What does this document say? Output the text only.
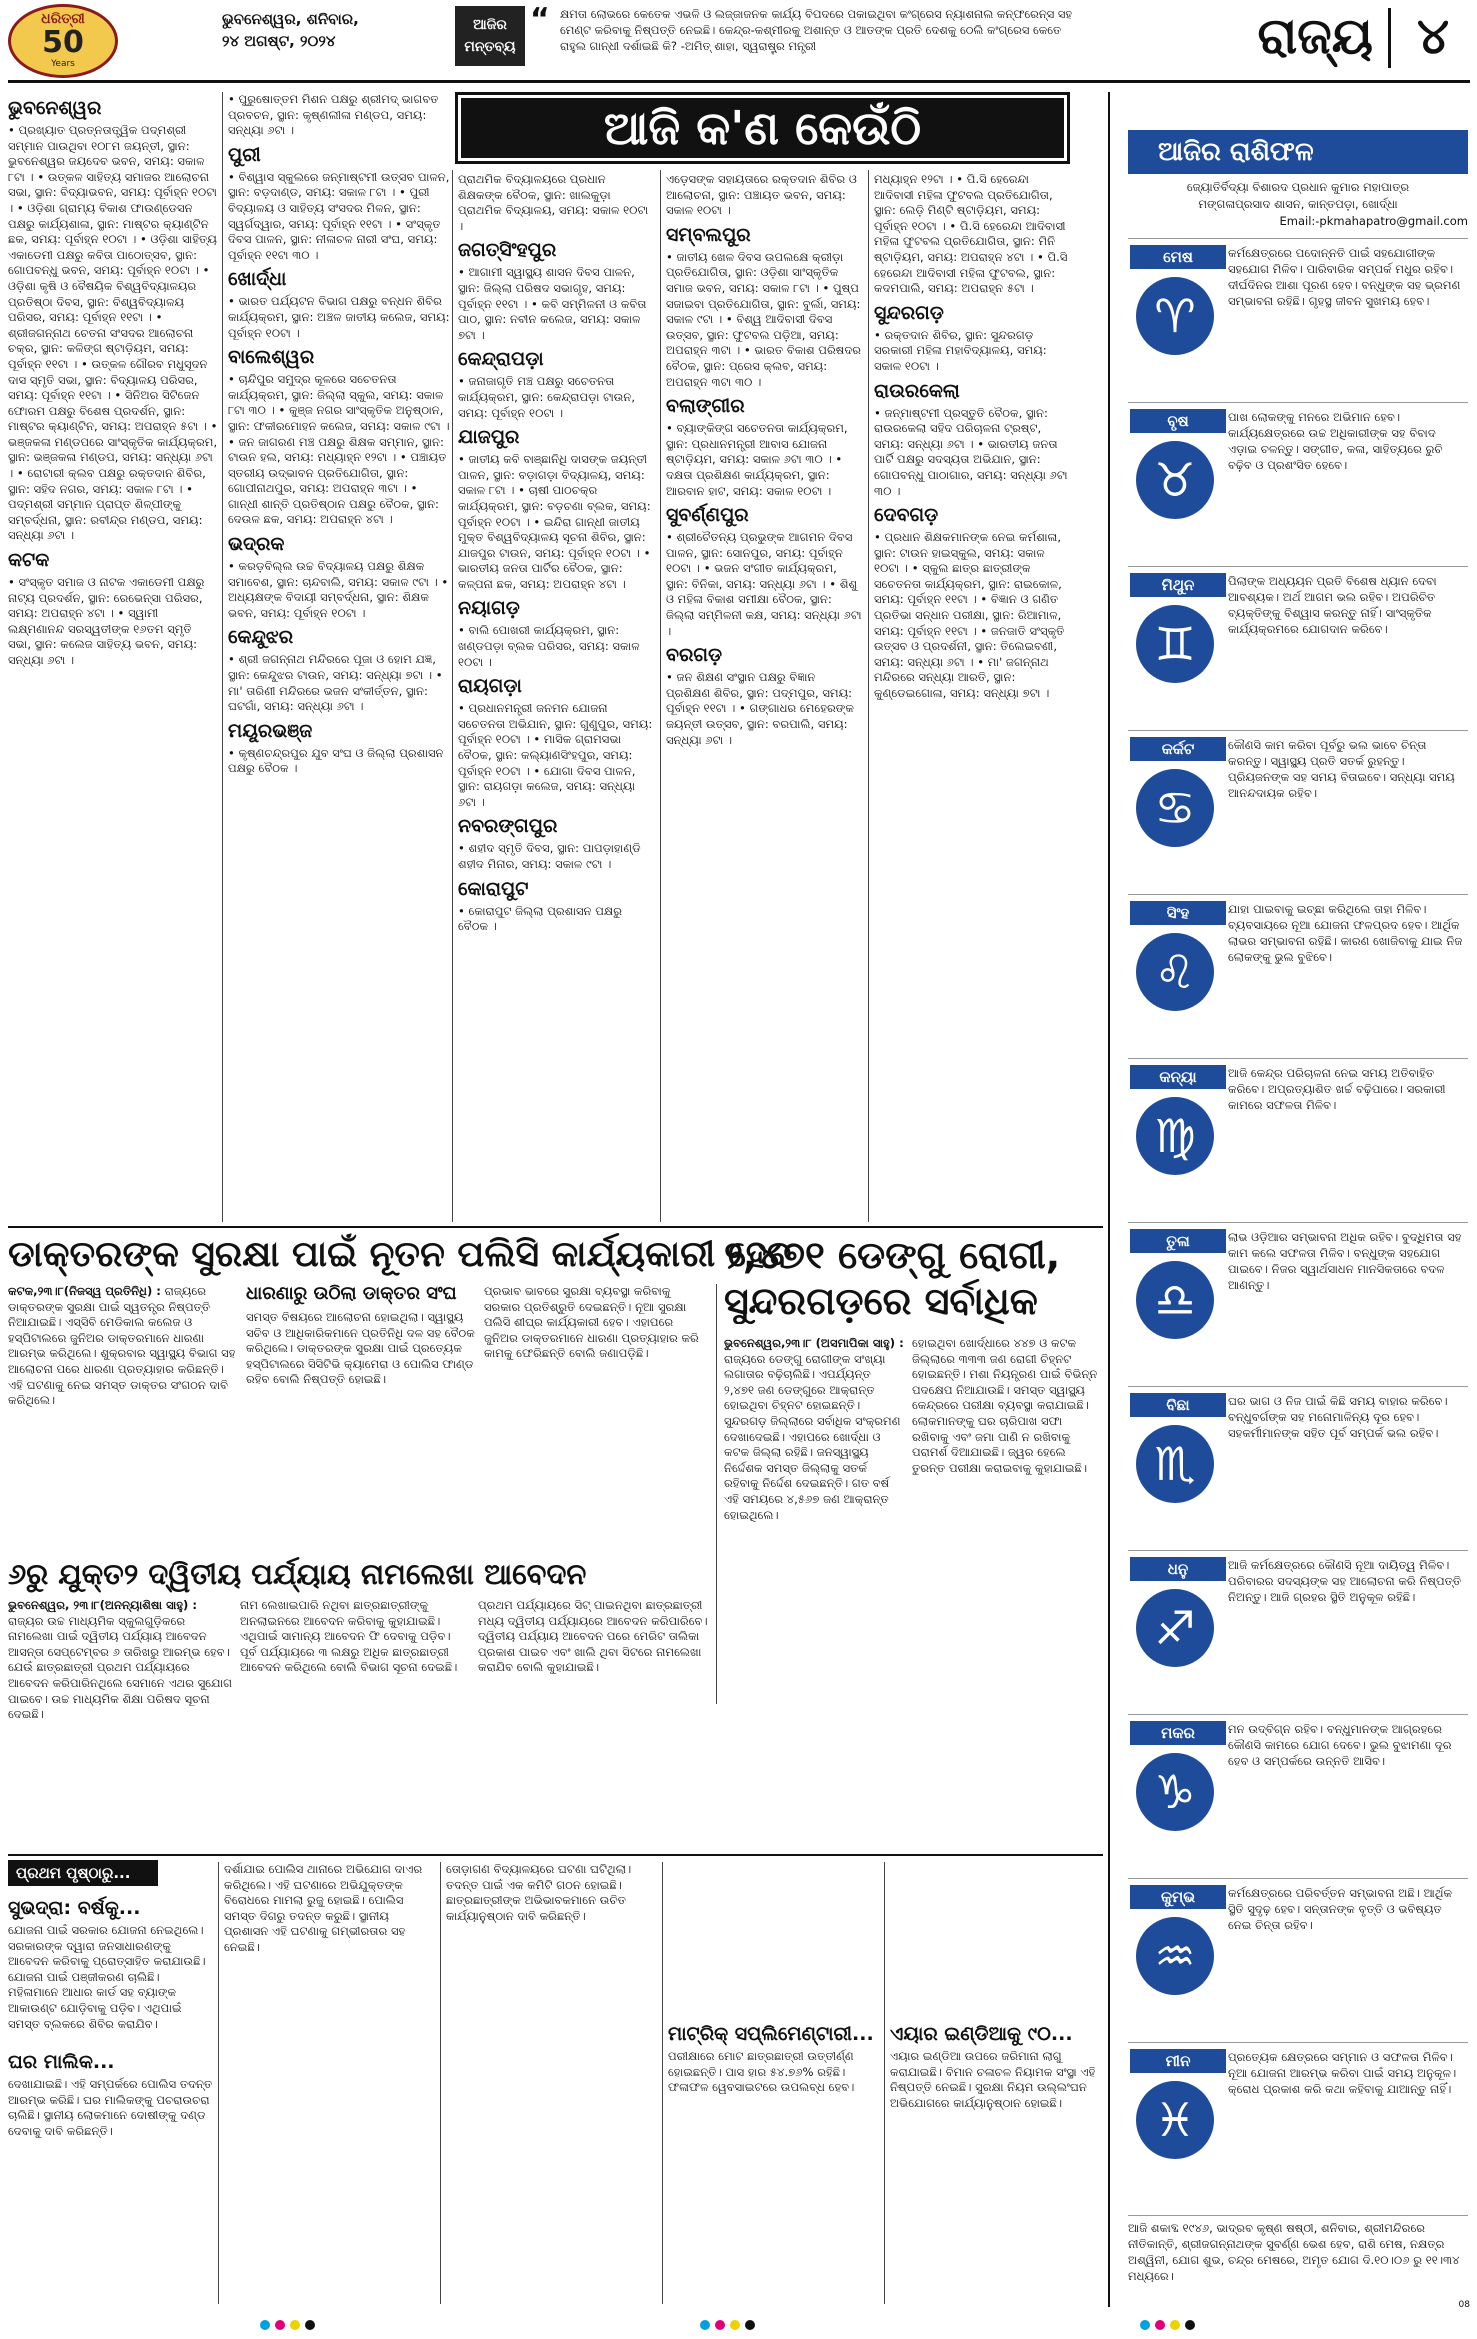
ଧରିତ୍ରୀ
50
Years
ଭୁବନେଶ୍ୱର, ଶନିବାର,
୨୪ ଅଗଷ୍ଟ, ୨୦୨୪
ଆଜିର ମନ୍ତବ୍ୟ
“ କ୍ଷମତା ଲୋଭରେ କେତେକ ଏଭଳି ଓ ଲଜ୍ଜାଜନକ କାର୍ଯ୍ୟ ବିପଦରେ ପକାଇଥିବା କଂଗ୍ରେସ ନ୍ୟାଶନାଲ କନ୍ଫରେନ୍ସ ସହ ମେଣ୍ଟ କରିବାକୁ ନିଷ୍ପତ୍ତି ନେଇଛି। କେନ୍ଦ୍ର-କଶ୍ମୀରକୁ ଅଶାନ୍ତ ଓ ଆତଙ୍କ ପ୍ରତି ଦେଶକୁ ଠେଲି କଂଗ୍ରେସ କେତେ ରାହୁଲ ଗାନ୍ଧୀ ଦର୍ଶାଇଛି କି? -ଅମିତ୍ ଶାହା, ସ୍ୱରାଷ୍ଟ୍ର ମନ୍ତ୍ରୀ	ରାଜ୍ୟ ୪
ଆଜି କ'ଣ କେଉଁଠି
ଭୁବନେଶ୍ୱର

• ପ୍ରଖ୍ୟାତ ପ୍ରତ୍ନତାତ୍ତ୍ୱିକ ପଦ୍ମଶ୍ରୀ ସମ୍ମାନ ପାଉଥିବା ୧୦୮ମ ଜୟନ୍ତୀ, ସ୍ଥାନ: ଭୁବନେଶ୍ୱର ଜୟଦେବ ଭବନ, ସମୟ: ସକାଳ ୮ଟା । • ଉତ୍କଳ ସାହିତ୍ୟ ସମାଜର ଆଲୋଚନା ସଭା, ସ୍ଥାନ: ବିଦ୍ୟାଭବନ, ସମୟ: ପୂର୍ବାହ୍ନ ୧୦ଟା । • ଓଡ଼ିଶା ଗ୍ରାମ୍ୟ ବିକାଶ ଫାଉଣ୍ଡେସନ ପକ୍ଷରୁ କାର୍ଯ୍ୟଶାଳା, ସ୍ଥାନ: ମାଷ୍ଟର କ୍ୟାଣ୍ଟିନ ଛକ, ସମୟ: ପୂର୍ବାହ୍ନ ୧୦ଟା । • ଓଡ଼ିଶା ସାହିତ୍ୟ ଏକାଡେମୀ ପକ୍ଷରୁ କବିତା ପାଠୋତ୍ସବ, ସ୍ଥାନ: ଗୋପବନ୍ଧୁ ଭବନ, ସମୟ: ପୂର୍ବାହ୍ନ ୧୦ଟା । • ଓଡ଼ିଶା କୃଷି ଓ ବୈଷୟିକ ବିଶ୍ୱବିଦ୍ୟାଳୟର ପ୍ରତିଷ୍ଠା ଦିବସ, ସ୍ଥାନ: ବିଶ୍ୱବିଦ୍ୟାଳୟ ପରିସର, ସମୟ: ପୂର୍ବାହ୍ନ ୧୧ଟା । • ଶ୍ରୀଜଗନ୍ନାଥ ଚେତନା ସଂସଦର ଆଲୋଚନା ଚକ୍ର, ସ୍ଥାନ: କଳିଙ୍ଗ ଷ୍ଟାଡ଼ିୟମ, ସମୟ: ପୂର୍ବାହ୍ନ ୧୧ଟା । • ଉତ୍କଳ ଗୌରବ ମଧୁସୂଦନ ଦାସ ସ୍ମୃତି ସଭା, ସ୍ଥାନ: ବିଦ୍ୟାଳୟ ପରିସର, ସମୟ: ପୂର୍ବାହ୍ନ ୧୧ଟା । • ସିନିଅର ସିଟିଜେନ ଫୋରମ ପକ୍ଷରୁ ବିଶେଷ ପ୍ରଦର୍ଶନ, ସ୍ଥାନ: ମାଷ୍ଟର କ୍ୟାଣ୍ଟିନ, ସମୟ: ଅପରାହ୍ନ ୫ଟା । • ଭଞ୍ଜକଳା ମଣ୍ଡପରେ ସାଂସ୍କୃତିକ କାର୍ଯ୍ୟକ୍ରମ, ସ୍ଥାନ: ଭଞ୍ଜକଳା ମଣ୍ଡପ, ସମୟ: ସନ୍ଧ୍ୟା ୬ଟା । • ରୋଟାରୀ କ୍ଲବ ପକ୍ଷରୁ ରକ୍ତଦାନ ଶିବିର, ସ୍ଥାନ: ସହିଦ ନଗର, ସମୟ: ସକାଳ ୮ଟା । • ପଦ୍ମଶ୍ରୀ ସମ୍ମାନ ପ୍ରାପ୍ତ ଶିଳ୍ପୀଙ୍କୁ ସମ୍ବର୍ଦ୍ଧନା, ସ୍ଥାନ: ରବୀନ୍ଦ୍ର ମଣ୍ଡପ, ସମୟ: ସନ୍ଧ୍ୟା ୬ଟା ।

କଟକ

• ସଂସ୍କୃତ ସମାଜ ଓ ନାଟକ ଏକାଡେମୀ ପକ୍ଷରୁ ନାଟ୍ୟ ପ୍ରଦର୍ଶନ, ସ୍ଥାନ: ରେଭେନ୍ସା ପରିସର, ସମୟ: ଅପରାହ୍ନ ୪ଟା । • ସ୍ୱାମୀ ଲକ୍ଷ୍ମଣାନନ୍ଦ ସରସ୍ୱତୀଙ୍କ ୧୬ତମ ସ୍ମୃତି ସଭା, ସ୍ଥାନ: କଲେଜ ସାହିତ୍ୟ ଭବନ, ସମୟ: ସନ୍ଧ୍ୟା ୬ଟା ।

• ପୁରୁଷୋତ୍ତମ ମିଶନ ପକ୍ଷରୁ ଶ୍ରୀମଦ୍ ଭାଗବତ ପ୍ରବଚନ, ସ୍ଥାନ: କୃଷ୍ଣଲୀଳା ମଣ୍ଡପ, ସମୟ: ସନ୍ଧ୍ୟା ୬ଟା ।

ପୁରୀ

• ବିଶ୍ୱାସ ସ୍କୁଲରେ ଜନ୍ମାଷ୍ଟମୀ ଉତ୍ସବ ପାଳନ, ସ୍ଥାନ: ବଡ଼ଦାଣ୍ଡ, ସମୟ: ସକାଳ ୮ଟା । • ପୁରୀ ବିଦ୍ୟାଳୟ ଓ ସାହିତ୍ୟ ସଂସଦର ମିଳନ, ସ୍ଥାନ: ସ୍ୱର୍ଗଦ୍ୱାର, ସମୟ: ପୂର୍ବାହ୍ନ ୧୧ଟା । • ସଂସ୍କୃତ ଦିବସ ପାଳନ, ସ୍ଥାନ: ନୀଳାଚଳ ନାରୀ ସଂଘ, ସମୟ: ପୂର୍ବାହ୍ନ ୧୧ଟା ୩୦ ।

ଖୋର୍ଦ୍ଧା

• ଭାରତ ପର୍ଯ୍ୟଟନ ବିଭାଗ ପକ୍ଷରୁ ବନ୍ଧନ ଶିବିର କାର୍ଯ୍ୟକ୍ରମ, ସ୍ଥାନ: ଅଞ୍ଚଳ ଜାତୀୟ କଲେଜ, ସମୟ: ପୂର୍ବାହ୍ନ ୧୦ଟା ।

ବାଲେଶ୍ୱର

• ଚାନ୍ଦିପୁର ସମୁଦ୍ର କୂଳରେ ସଚେତନତା କାର୍ଯ୍ୟକ୍ରମ, ସ୍ଥାନ: ଜିଲ୍ଲା ସ୍କୁଲ, ସମୟ: ସକାଳ ୮ଟା ୩୦ । • କୁଞ୍ଜ ନଗର ସାଂସ୍କୃତିକ ଅନୁଷ୍ଠାନ, ସ୍ଥାନ: ଫକୀରମୋହନ କଲେଜ, ସମୟ: ସକାଳ ୯ଟା । • ଜନ ଜାଗରଣ ମଞ୍ଚ ପକ୍ଷରୁ ଶିକ୍ଷକ ସମ୍ମାନ, ସ୍ଥାନ: ଟାଉନ ହଲ, ସମୟ: ମଧ୍ୟାହ୍ନ ୧୨ଟା । • ପଞ୍ଚାୟତ ସ୍ତରୀୟ ଉଦ୍ଭାବନ ପ୍ରତିଯୋଗିତା, ସ୍ଥାନ: ଗୋପୀନାଥପୁର, ସମୟ: ଅପରାହ୍ନ ୩ଟା । • ଗାନ୍ଧୀ ଶାନ୍ତି ପ୍ରତିଷ୍ଠାନ ପକ୍ଷରୁ ବୈଠକ, ସ୍ଥାନ: ଦେଉଳ ଛକ, ସମୟ: ଅପରାହ୍ନ ୪ଟା ।

ଭଦ୍ରକ

• କରଡ଼ବିଲ୍ଲ ଉଚ୍ଚ ବିଦ୍ୟାଳୟ ପକ୍ଷରୁ ଶିକ୍ଷକ ସମାବେଶ, ସ୍ଥାନ: ଚାନ୍ଦବାଲି, ସମୟ: ସକାଳ ୯ଟା । • ଅଧ୍ୟକ୍ଷଙ୍କ ବିଦାୟୀ ସମ୍ବର୍ଦ୍ଧନା, ସ୍ଥାନ: ଶିକ୍ଷକ ଭବନ, ସମୟ: ପୂର୍ବାହ୍ନ ୧୦ଟା ।

କେନ୍ଦୁଝର

• ଶ୍ରୀ ଜଗନ୍ନାଥ ମନ୍ଦିରରେ ପୂଜା ଓ ହୋମ ଯଜ୍ଞ, ସ୍ଥାନ: କେନ୍ଦୁଝର ଟାଉନ, ସମୟ: ସନ୍ଧ୍ୟା ୭ଟା । • ମା' ତାରିଣୀ ମନ୍ଦିରରେ ଭଜନ ସଂକୀର୍ତ୍ତନ, ସ୍ଥାନ: ଘଟଗାଁ, ସମୟ: ସନ୍ଧ୍ୟା ୬ଟା ।

ମୟୂରଭଞ୍ଜ

• କୃଷ୍ଣଚନ୍ଦ୍ରପୁର ଯୁବ ସଂଘ ଓ ଜିଲ୍ଲା ପ୍ରଶାସନ ପକ୍ଷରୁ ବୈଠକ ।

ପ୍ରାଥମିକ ବିଦ୍ୟାଳୟରେ ପ୍ରଧାନ ଶିକ୍ଷକଙ୍କ ବୈଠକ, ସ୍ଥାନ: ଖାଲକୁଡ଼ା ପ୍ରାଥମିକ ବିଦ୍ୟାଳୟ, ସମୟ: ସକାଳ ୧୦ଟା ।

ଜଗତ୍‌ସିଂହପୁର

• ଆଗାମୀ ସ୍ୱାସ୍ଥ୍ୟ ଶାସନ ଦିବସ ପାଳନ, ସ୍ଥାନ: ଜିଲ୍ଲା ପରିଷଦ ସଭାଗୃହ, ସମୟ: ପୂର୍ବାହ୍ନ ୧୧ଟା । • କବି ସମ୍ମିଳନୀ ଓ କବିତା ପାଠ, ସ୍ଥାନ: ନବୀନ କଲେଜ, ସମୟ: ସକାଳ ୭ଟା ।

କେନ୍ଦ୍ରାପଡ଼ା

• ଜନାଜାଗୃତି ମଞ୍ଚ ପକ୍ଷରୁ ସଚେତନତା କାର୍ଯ୍ୟକ୍ରମ, ସ୍ଥାନ: କେନ୍ଦ୍ରାପଡ଼ା ଟାଉନ, ସମୟ: ପୂର୍ବାହ୍ନ ୧୦ଟା ।

ଯାଜପୁର

• ଜାତୀୟ କବି ବାଞ୍ଛାନିଧି ଦାସଙ୍କ ଜୟନ୍ତୀ ପାଳନ, ସ୍ଥାନ: ବଡ଼ାଗଡ଼ା ବିଦ୍ୟାଳୟ, ସମୟ: ସକାଳ ୮ଟା । • ଚାଷୀ ପାଠଚକ୍ର କାର୍ଯ୍ୟକ୍ରମ, ସ୍ଥାନ: ବଡ଼ଚଣା ବ୍ଲକ, ସମୟ: ପୂର୍ବାହ୍ନ ୧୦ଟା । • ଇନ୍ଦିରା ଗାନ୍ଧୀ ଜାତୀୟ ମୁକ୍ତ ବିଶ୍ୱବିଦ୍ୟାଳୟ ସୂଚନା ଶିବିର, ସ୍ଥାନ: ଯାଜପୁର ଟାଉନ, ସମୟ: ପୂର୍ବାହ୍ନ ୧୦ଟା । • ଭାରତୀୟ ଜନତା ପାର୍ଟିର ବୈଠକ, ସ୍ଥାନ: କଳ୍ପନା ଛକ, ସମୟ: ଅପରାହ୍ନ ୪ଟା ।

ନୟାଗଡ଼

• ବାଲି ପୋଖରୀ କାର୍ଯ୍ୟକ୍ରମ, ସ୍ଥାନ: ଖଣ୍ଡପଡ଼ା ବ୍ଲକ ପରିସର, ସମୟ: ସକାଳ ୧୦ଟା ।

ରାୟଗଡ଼ା

• ପ୍ରଧାନମନ୍ତ୍ରୀ ଜନମନ ଯୋଜନା ସଚେତନତା ଅଭିଯାନ, ସ୍ଥାନ: ଗୁଣୁପୁର, ସମୟ: ପୂର୍ବାହ୍ନ ୧୦ଟା । • ମାସିକ ଗ୍ରାମସଭା ବୈଠକ, ସ୍ଥାନ: କଲ୍ୟାଣସିଂହପୁର, ସମୟ: ପୂର୍ବାହ୍ନ ୧୦ଟା । • ଯୋଗା ଦିବସ ପାଳନ, ସ୍ଥାନ: ରାୟଗଡ଼ା କଲେଜ, ସମୟ: ସନ୍ଧ୍ୟା ୬ଟା ।

ନବରଙ୍ଗପୁର

• ଶହୀଦ ସ୍ମୃତି ଦିବସ, ସ୍ଥାନ: ପାପଡ଼ାହାଣ୍ଡି ଶହୀଦ ମିନାର, ସମୟ: ସକାଳ ୯ଟା ।

କୋରାପୁଟ

• କୋରାପୁଟ ଜିଲ୍ଲା ପ୍ରଶାସନ ପକ୍ଷରୁ ବୈଠକ ।

ଏଡ଼େସଙ୍କ ସହାୟତାରେ ରକ୍ତଦାନ ଶିବିର ଓ ଆଲୋଚନା, ସ୍ଥାନ: ପଞ୍ଚାୟତ ଭବନ, ସମୟ: ସକାଳ ୧୦ଟା ।

ସମ୍ବଲପୁର

• ଜାତୀୟ ଖେଳ ଦିବସ ଉପଲକ୍ଷେ କ୍ରୀଡ଼ା ପ୍ରତିଯୋଗିତା, ସ୍ଥାନ: ଓଡ଼ିଶା ସାଂସ୍କୃତିକ ସମାଜ ଭବନ, ସମୟ: ସକାଳ ୮ଟା । • ପୁଷ୍ପ ସଜାଇବା ପ୍ରତିଯୋଗିତା, ସ୍ଥାନ: ବୁର୍ଲା, ସମୟ: ସକାଳ ୯ଟା । • ବିଶ୍ୱ ଆଦିବାସୀ ଦିବସ ଉତ୍ସବ, ସ୍ଥାନ: ଫୁଟବଲ ପଡ଼ିଆ, ସମୟ: ଅପରାହ୍ନ ୩ଟା । • ଭାରତ ବିକାଶ ପରିଷଦର ବୈଠକ, ସ୍ଥାନ: ପ୍ରେସ କ୍ଲବ, ସମୟ: ଅପରାହ୍ନ ୩ଟା ୩୦ ।

ବଲାଙ୍ଗୀର

• ବ୍ୟାଙ୍କିଙ୍ଗ ସଚେତନତା କାର୍ଯ୍ୟକ୍ରମ, ସ୍ଥାନ: ପ୍ରଧାନମନ୍ତ୍ରୀ ଆବାସ ଯୋଜନା ଷ୍ଟାଡ଼ିୟମ, ସମୟ: ସକାଳ ୬ଟା ୩୦ । • ଦକ୍ଷତା ପ୍ରଶିକ୍ଷଣ କାର୍ଯ୍ୟକ୍ରମ, ସ୍ଥାନ: ଆରବାନ ହାଟ, ସମୟ: ସକାଳ ୧୦ଟା ।

ସୁବର୍ଣ୍ଣପୁର

• ଶ୍ରୀଚୈତନ୍ୟ ପ୍ରଭୁଙ୍କ ଆଗମନ ଦିବସ ପାଳନ, ସ୍ଥାନ: ସୋନପୁର, ସମୟ: ପୂର୍ବାହ୍ନ ୧୦ଟା । • ଭଜନ ସଂଗୀତ କାର୍ଯ୍ୟକ୍ରମ, ସ୍ଥାନ: ବିନିକା, ସମୟ: ସନ୍ଧ୍ୟା ୬ଟା । • ଶିଶୁ ଓ ମହିଳା ବିକାଶ ସମୀକ୍ଷା ବୈଠକ, ସ୍ଥାନ: ଜିଲ୍ଲା ସମ୍ମିଳନୀ କକ୍ଷ, ସମୟ: ସନ୍ଧ୍ୟା ୬ଟା ।

ବରଗଡ଼

• ଜନ ଶିକ୍ଷଣ ସଂସ୍ଥାନ ପକ୍ଷରୁ ବିଜ୍ଞାନ ପ୍ରଶିକ୍ଷଣ ଶିବିର, ସ୍ଥାନ: ପଦ୍ମପୁର, ସମୟ: ପୂର୍ବାହ୍ନ ୧୧ଟା । • ଗଙ୍ଗାଧର ମେହେରଙ୍କ ଜୟନ୍ତୀ ଉତ୍ସବ, ସ୍ଥାନ: ବରପାଲି, ସମୟ: ସନ୍ଧ୍ୟା ୬ଟା ।

ମଧ୍ୟାହ୍ନ ୧୨ଟା । • ପି.ସି ହେରେନ୍ଦା ଆଦିବାସୀ ମହିଳା ଫୁଟବଲ ପ୍ରତିଯୋଗିତା, ସ୍ଥାନ: ଲେଡ଼ି ମିଣ୍ଟି ଷ୍ଟାଡ଼ିୟମ, ସମୟ: ପୂର୍ବାହ୍ନ ୧୦ଟା । • ପି.ସି ହେରେନ୍ଦା ଆଦିବାସୀ ମହିଳା ଫୁଟବଲ ପ୍ରତିଯୋଗିତା, ସ୍ଥାନ: ମିନି ଷ୍ଟାଡ଼ିୟମ, ସମୟ: ଅପରାହ୍ନ ୪ଟା । • ପି.ସି ହେରେନ୍ଦା ଆଦିବାସୀ ମହିଳା ଫୁଟବଲ, ସ୍ଥାନ: କଦମପାଲି, ସମୟ: ଅପରାହ୍ନ ୫ଟା ।

ସୁନ୍ଦରଗଡ଼

• ରକ୍ତଦାନ ଶିବିର, ସ୍ଥାନ: ସୁନ୍ଦରଗଡ଼ ସରକାରୀ ମହିଳା ମହାବିଦ୍ୟାଳୟ, ସମୟ: ସକାଳ ୧୦ଟା ।

ରାଉରକେଲା

• ଜନ୍ମାଷ୍ଟମୀ ପ୍ରସ୍ତୁତି ବୈଠକ, ସ୍ଥାନ: ରାଉରକେଲା ସହିଦ ପରିଚାଳନା ଟ୍ରଷ୍ଟ, ସମୟ: ସନ୍ଧ୍ୟା ୬ଟା । • ଭାରତୀୟ ଜନତା ପାର୍ଟି ପକ୍ଷରୁ ସଦସ୍ୟତା ଅଭିଯାନ, ସ୍ଥାନ: ଗୋପବନ୍ଧୁ ପାଠାଗାର, ସମୟ: ସନ୍ଧ୍ୟା ୬ଟା ୩୦ ।

ଦେବଗଡ଼

• ପ୍ରଧାନ ଶିକ୍ଷକମାନଙ୍କ ନେଇ କର୍ମଶାଳା, ସ୍ଥାନ: ଟାଉନ ହାଇସ୍କୁଲ, ସମୟ: ସକାଳ ୧୦ଟା । • ସ୍କୁଲ ଛାତ୍ର ଛାତ୍ରୀଙ୍କ ସଚେତନତା କାର୍ଯ୍ୟକ୍ରମ, ସ୍ଥାନ: ରାଇକୋଳ, ସମୟ: ପୂର୍ବାହ୍ନ ୧୧ଟା । • ବିଜ୍ଞାନ ଓ ଗଣିତ ପ୍ରତିଭା ସନ୍ଧାନ ପରୀକ୍ଷା, ସ୍ଥାନ: ରିଆମାଳ, ସମୟ: ପୂର୍ବାହ୍ନ ୧୧ଟା । • ଜନଜାତି ସଂସ୍କୃତି ଉତ୍ସବ ଓ ପ୍ରଦର୍ଶନୀ, ସ୍ଥାନ: ତିଲେଇବଣୀ, ସମୟ: ସନ୍ଧ୍ୟା ୬ଟା । • ମା' ଜଗନ୍ନାଥ ମନ୍ଦିରରେ ସନ୍ଧ୍ୟା ଆରତି, ସ୍ଥାନ: କୁଣ୍ଡେଇଗୋଳା, ସମୟ: ସନ୍ଧ୍ୟା ୭ଟା ।

ଆଜିର ରାଶିଫଳ
ଜ୍ୟୋତିର୍ବିଦ୍ୟା ବିଶାରଦ ପ୍ରଧାନ କୁମାର ମହାପାତ୍ର
ମଙ୍ଗଳାପ୍ରସାଦ ଶାସନ, କାନ୍ତପଡ଼ା, ଖୋର୍ଦ୍ଧା
Email:-pkmahapatro@gmail.com
ମେଷ
♈
କର୍ମକ୍ଷେତ୍ରରେ ପଦୋନ୍ନତି ପାଇଁ ସହଯୋଗୀଙ୍କ ସହଯୋଗ ମିଳିବ। ପାରିବାରିକ ସମ୍ପର୍କ ମଧୁର ରହିବ। ଦୀର୍ଘଦିନର ଆଶା ପୂରଣ ହେବ। ବନ୍ଧୁଙ୍କ ସହ ଭ୍ରମଣ ସମ୍ଭାବନା ରହିଛି। ଗୃହସ୍ଥ ଜୀବନ ସୁଖମୟ ହେବ।
ବୃଷ
♉
ପାଖ ଲୋକଙ୍କୁ ମନରେ ଅଭିମାନ ହେବ। କାର୍ଯ୍ୟକ୍ଷେତ୍ରରେ ଉଚ୍ଚ ଅଧିକାରୀଙ୍କ ସହ ବିବାଦ ଏଡ଼ାଇ ଚଳନ୍ତୁ। ସଙ୍ଗୀତ, କଳା, ସାହିତ୍ୟରେ ରୁଚି ବଢ଼ିବ ଓ ପ୍ରଶଂସିତ ହେବେ।
ମିଥୁନ
♊
ପିଲାଙ୍କ ଅଧ୍ୟୟନ ପ୍ରତି ବିଶେଷ ଧ୍ୟାନ ଦେବା ଆବଶ୍ୟକ। ଅର୍ଥ ଆଗମ ଭଲ ରହିବ। ଅପରିଚିତ ବ୍ୟକ୍ତିଙ୍କୁ ବିଶ୍ୱାସ କରନ୍ତୁ ନାହିଁ। ସାଂସ୍କୃତିକ କାର୍ଯ୍ୟକ୍ରମରେ ଯୋଗଦାନ କରିବେ।
କର୍କଟ
♋
କୌଣସି କାମ କରିବା ପୂର୍ବରୁ ଭଲ ଭାବେ ଚିନ୍ତା କରନ୍ତୁ। ସ୍ୱାସ୍ଥ୍ୟ ପ୍ରତି ସତର୍କ ରୁହନ୍ତୁ। ପ୍ରିୟଜନଙ୍କ ସହ ସମୟ ବିତାଇବେ। ସନ୍ଧ୍ୟା ସମୟ ଆନନ୍ଦଦାୟକ ରହିବ।
ସିଂହ
♌
ଯାହା ପାଇବାକୁ ଇଚ୍ଛା କରିଥିଲେ ତାହା ମିଳିବ। ବ୍ୟବସାୟରେ ନୂଆ ଯୋଜନା ଫଳପ୍ରଦ ହେବ। ଆର୍ଥିକ ଲାଭର ସମ୍ଭାବନା ରହିଛି। କାରଣ ଖୋଜିବାକୁ ଯାଇ ନିଜ ଲୋକଙ୍କୁ ଭୁଲ ବୁଝିବେ।
କନ୍ୟା
♍
ଆଜି କେନ୍ଦ୍ର ପରିଚାଳନା ନେଇ ସମୟ ଅତିବାହିତ କରିବେ। ଅପ୍ରତ୍ୟାଶିତ ଖର୍ଚ୍ଚ ବଢ଼ିପାରେ। ସରକାରୀ କାମରେ ସଫଳତା ମିଳିବ।
ତୁଳା
♎
ଲାଭ ଓଡ଼ିଆର ସମ୍ଭାବନା ଅଧିକ ରହିବ। ବୁଦ୍ଧିମତା ସହ କାମ କଲେ ସଫଳତା ମିଳିବ। ବନ୍ଧୁଙ୍କ ସହଯୋଗ ପାଇବେ। ନିଜର ସ୍ୱାର୍ଥସାଧନ ମାନସିକତାରେ ବଦଳ ଆଣନ୍ତୁ।
ବିଛା
♏
ଘର ଭାଗ ଓ ନିଜ ପାଇଁ କିଛି ସମୟ ବାହାର କରିବେ। ବନ୍ଧୁବର୍ଗଙ୍କ ସହ ମନୋମାଳିନ୍ୟ ଦୂର ହେବ। ସହକର୍ମୀମାନଙ୍କ ସହିତ ପୂର୍ବ ସମ୍ପର୍କ ଭଲ ରହିବ।
ଧନୁ
♐
ଆଜି କର୍ମକ୍ଷେତ୍ରରେ କୌଣସି ନୂଆ ଦାୟିତ୍ୱ ମିଳିବ। ପରିବାରର ସଦସ୍ୟଙ୍କ ସହ ଆଲୋଚନା କରି ନିଷ୍ପତ୍ତି ନିଅନ୍ତୁ। ଆଜି ଗ୍ରହର ସ୍ଥିତି ଅନୁକୂଳ ରହିଛି।
ମକର
♑
ମନ ଉଦ୍ବିଗ୍ନ ରହିବ। ବନ୍ଧୁମାନଙ୍କ ଆଗ୍ରହରେ କୌଣସି କାମରେ ଯୋଗ ଦେବେ। ଭୁଲ ବୁଝାମଣା ଦୂର ହେବ ଓ ସମ୍ପର୍କରେ ଉନ୍ନତି ଆସିବ।
କୁମ୍ଭ
♒
କର୍ମକ୍ଷେତ୍ରରେ ପରିବର୍ତ୍ତନ ସମ୍ଭାବନା ଅଛି। ଆର୍ଥିକ ସ୍ଥିତି ସୁଦୃଢ଼ ହେବ। ସନ୍ତାନଙ୍କ ବୃତ୍ତି ଓ ଭବିଷ୍ୟତ ନେଇ ଚିନ୍ତା ରହିବ।
ମୀନ
♓
ପ୍ରତ୍ୟେକ କ୍ଷେତ୍ରରେ ସମ୍ମାନ ଓ ସଫଳତା ମିଳିବ। ନୂଆ ଯୋଜନା ଆରମ୍ଭ କରିବା ପାଇଁ ସମୟ ଅନୁକୂଳ। କ୍ରୋଧ ପ୍ରକାଶ କରି କଥା କହିବାକୁ ଯାଆନ୍ତୁ ନାହିଁ।
ଆଜି ଶକାବ୍ଦ ୧୯୪୬, ଭାଦ୍ରବ କୃଷ୍ଣ ଷଷ୍ଠୀ, ଶନିବାର, ଶ୍ରୀମନ୍ଦିରରେ ନୀତିକାନ୍ତି, ଶ୍ରୀଜଗନ୍ନାଥଙ୍କ ସୁବର୍ଣ୍ଣ ଭେଶ ହେବ, ରାଶି ମେଷ, ନକ୍ଷତ୍ର ଅଶ୍ୱିନୀ, ଯୋଗ ଶୁଭ, ଚନ୍ଦ୍ର ମେଷରେ, ଅମୃତ ଯୋଗ ଦି.୧୦।୦୬ ରୁ ୧୧।୩୪ ମଧ୍ୟରେ।
ଡାକ୍ତରଙ୍କ ସୁରକ୍ଷା ପାଇଁ ନୂତନ ପଲିସି କାର୍ଯ୍ୟକାରୀ ହେବ

କଟକ,୨୩।୮(ନିଜସ୍ୱ ପ୍ରତିନିଧି) : ରାଜ୍ୟରେ ଡାକ୍ତରଙ୍କ ସୁରକ୍ଷା ପାଇଁ ସ୍ୱତନ୍ତ୍ର ନିଷ୍ପତ୍ତି ନିଆଯାଇଛି। ଏସ୍‌ସିବି ମେଡିକାଲ କଲେଜ ଓ ହସ୍ପିଟାଲରେ ଜୁନିଅର ଡାକ୍ତରମାନେ ଧାରଣା ଆରମ୍ଭ କରିଥିଲେ। ଶୁକ୍ରବାର ସ୍ୱାସ୍ଥ୍ୟ ବିଭାଗ ସହ ଆଲୋଚନା ପରେ ଧାରଣା ପ୍ରତ୍ୟାହାର କରିଛନ୍ତି। ଏହି ଘଟଣାକୁ ନେଇ ସମସ୍ତ ଡାକ୍ତର ସଂଗଠନ ଦାବି କରିଥିଲେ।

ଧାରଣାରୁ ଉଠିଲା ଡାକ୍ତର ସଂଘ

ସମସ୍ତ ବିଷୟରେ ଆଲୋଚନା ହୋଇଥିଲା। ସ୍ୱାସ୍ଥ୍ୟ ସଚିବ ଓ ଆଧିକାରିକମାନେ ପ୍ରତିନିଧି ଦଳ ସହ ବୈଠକ କରିଥିଲେ। ଡାକ୍ତରଙ୍କ ସୁରକ୍ଷା ପାଇଁ ପ୍ରତ୍ୟେକ ହସ୍ପିଟାଲରେ ସିସିଟିଭି କ୍ୟାମେରା ଓ ପୋଲିସ ଫାଣ୍ଡ ରହିବ ବୋଲି ନିଷ୍ପତ୍ତି ହୋଇଛି।

ପ୍ରଭାବ ଭାବରେ ସୁରକ୍ଷା ବ୍ୟବସ୍ଥା କରିବାକୁ ସରକାର ପ୍ରତିଶ୍ରୁତି ଦେଇଛନ୍ତି। ନୂଆ ସୁରକ୍ଷା ପଲିସି ଶୀଘ୍ର କାର୍ଯ୍ୟକାରୀ ହେବ। ଏହାପରେ ଜୁନିଅର ଡାକ୍ତରମାନେ ଧାରଣା ପ୍ରତ୍ୟାହାର କରି କାମକୁ ଫେରିଛନ୍ତି ବୋଲି ଜଣାପଡ଼ିଛି।

୬ରୁ ଯୁକ୍ତ୨ ଦ୍ୱିତୀୟ ପର୍ଯ୍ୟାୟ ନାମଲେଖା ଆବେଦନ

ଭୁବନେଶ୍ୱର, ୨୩।୮(ଅନନ୍ୟାଶିଷା ସାହୁ) : ରାଜ୍ୟର ଉଚ୍ଚ ମାଧ୍ୟମିକ ସ୍କୁଲଗୁଡ଼ିକରେ ନାମଲେଖା ପାଇଁ ଦ୍ୱିତୀୟ ପର୍ଯ୍ୟାୟ ଆବେଦନ ଆସନ୍ତା ସେପ୍ଟେମ୍ବର ୬ ତାରିଖରୁ ଆରମ୍ଭ ହେବ। ଯେଉଁ ଛାତ୍ରଛାତ୍ରୀ ପ୍ରଥମ ପର୍ଯ୍ୟାୟରେ ଆବେଦନ କରିପାରିନଥିଲେ ସେମାନେ ଏଥର ସୁଯୋଗ ପାଇବେ। ଉଚ୍ଚ ମାଧ୍ୟମିକ ଶିକ୍ଷା ପରିଷଦ ସୂଚନା ଦେଇଛି।

ନାମ ଲେଖାଇପାରି ନଥିବା ଛାତ୍ରଛାତ୍ରୀଙ୍କୁ ଅନଲାଇନରେ ଆବେଦନ କରିବାକୁ କୁହାଯାଇଛି। ଏଥିପାଇଁ ସାମାନ୍ୟ ଆବେଦନ ଫି ଦେବାକୁ ପଡ଼ିବ। ପୂର୍ବ ପର୍ଯ୍ୟାୟରେ ୩ ଲକ୍ଷରୁ ଅଧିକ ଛାତ୍ରଛାତ୍ରୀ ଆବେଦନ କରିଥିଲେ ବୋଲି ବିଭାଗ ସୂଚନା ଦେଇଛି।

ପ୍ରଥମ ପର୍ଯ୍ୟାୟରେ ସିଟ୍ ପାଇନଥିବା ଛାତ୍ରଛାତ୍ରୀ ମଧ୍ୟ ଦ୍ୱିତୀୟ ପର୍ଯ୍ୟାୟରେ ଆବେଦନ କରିପାରିବେ। ଦ୍ୱିତୀୟ ପର୍ଯ୍ୟାୟ ଆବେଦନ ପରେ ମେରିଟ ତାଲିକା ପ୍ରକାଶ ପାଇବ ଏବଂ ଖାଲି ଥିବା ସିଟରେ ନାମଲେଖା କରାଯିବ ବୋଲି କୁହାଯାଇଛି।

୨,୪୭୧ ଡେଙ୍ଗୁ ରୋଗୀ, ସୁନ୍ଦରଗଡ଼ରେ ସର୍ବାଧିକ

ଭୁବନେଶ୍ୱର,୨୩।୮ (ଅସମାପିକା ସାହୁ) : ରାଜ୍ୟରେ ଡେଙ୍ଗୁ ରୋଗୀଙ୍କ ସଂଖ୍ୟା ଲଗାତାର ବଢ଼ିଚାଲିଛି। ଏପର୍ଯ୍ୟନ୍ତ ୨,୪୭୧ ଜଣ ଡେଙ୍ଗୁରେ ଆକ୍ରାନ୍ତ ହୋଇଥିବା ଚିହ୍ନଟ ହୋଇଛନ୍ତି। ସୁନ୍ଦରଗଡ଼ ଜିଲ୍ଲାରେ ସର୍ବାଧିକ ସଂକ୍ରମଣ ଦେଖାଦେଇଛି। ଏହାପରେ ଖୋର୍ଦ୍ଧା ଓ କଟକ ଜିଲ୍ଲା ରହିଛି। ଜନସ୍ୱାସ୍ଥ୍ୟ ନିର୍ଦ୍ଦେଶକ ସମସ୍ତ ଜିଲ୍ଲାକୁ ସତର୍କ ରହିବାକୁ ନିର୍ଦ୍ଦେଶ ଦେଇଛନ୍ତି। ଗତ ବର୍ଷ ଏହି ସମୟରେ ୪,୫୬୭ ଜଣ ଆକ୍ରାନ୍ତ ହୋଇଥିଲେ।

ହୋଇଥିବା ଖୋର୍ଦ୍ଧାରେ ୪୪୭ ଓ କଟକ ଜିଲ୍ଲାରେ ୩୩୩ ଜଣ ରୋଗୀ ଚିହ୍ନଟ ହୋଇଛନ୍ତି। ମଶା ନିୟନ୍ତ୍ରଣ ପାଇଁ ବିଭିନ୍ନ ପଦକ୍ଷେପ ନିଆଯାଉଛି। ସମସ୍ତ ସ୍ୱାସ୍ଥ୍ୟ କେନ୍ଦ୍ରରେ ପରୀକ୍ଷା ବ୍ୟବସ୍ଥା କରାଯାଇଛି। ଲୋକମାନଙ୍କୁ ଘର ଚାରିପାଖ ସଫା ରଖିବାକୁ ଏବଂ ଜମା ପାଣି ନ ରଖିବାକୁ ପରାମର୍ଶ ଦିଆଯାଇଛି। ଜ୍ୱର ହେଲେ ତୁରନ୍ତ ପରୀକ୍ଷା କରାଇବାକୁ କୁହାଯାଇଛି।

ପ୍ରଥମ ପୃଷ୍ଠାରୁ...
ସୁଭଦ୍ରା: ବର୍ଷକୁ...

ଯୋଜନା ପାଇଁ ସରକାର ଯୋଜନା ନେଇଥିଲେ। ସରକାରଙ୍କ ଦ୍ୱାରା ଜନସାଧାରଣଙ୍କୁ ଆବେଦନ କରିବାକୁ ପ୍ରୋତ୍ସାହିତ କରାଯାଉଛି। ଯୋଜନା ପାଇଁ ପଞ୍ଜୀକରଣ ଚାଲିଛି। ମହିଳାମାନେ ଆଧାର କାର୍ଡ ସହ ବ୍ୟାଙ୍କ ଆକାଉଣ୍ଟ ଯୋଡ଼ିବାକୁ ପଡ଼ିବ। ଏଥିପାଇଁ ସମସ୍ତ ବ୍ଲକରେ ଶିବିର କରାଯିବ।

ଘର ମାଲିକ...

ଦେଖାଯାଇଛି। ଏହି ସମ୍ପର୍କରେ ପୋଲିସ ତଦନ୍ତ ଆରମ୍ଭ କରିଛି। ଘର ମାଲିକଙ୍କୁ ପଚରାଉଚରା ଚାଲିଛି। ସ୍ଥାନୀୟ ଲୋକମାନେ ଦୋଷୀଙ୍କୁ ଦଣ୍ଡ ଦେବାକୁ ଦାବି କରିଛନ୍ତି।

ଦର୍ଶାଯାଇ ପୋଲିସ ଥାନାରେ ଅଭିଯୋଗ ଦାଏର କରିଥିଲେ। ଏହି ଘଟଣାରେ ଅଭିଯୁକ୍ତଙ୍କ ବିରୋଧରେ ମାମଲା ରୁଜୁ ହୋଇଛି। ପୋଲିସ ସମସ୍ତ ଦିଗରୁ ତଦନ୍ତ କରୁଛି। ସ୍ଥାନୀୟ ପ୍ରଶାସନ ଏହି ଘଟଣାକୁ ଗମ୍ଭୀରତାର ସହ ନେଇଛି।

ତୋଡ଼ାଗଣ ବିଦ୍ୟାଳୟରେ ଘଟଣା ଘଟିଥିଲା। ତଦନ୍ତ ପାଇଁ ଏକ କମିଟି ଗଠନ ହୋଇଛି। ଛାତ୍ରଛାତ୍ରୀଙ୍କ ଅଭିଭାବକମାନେ ଉଚିତ କାର୍ଯ୍ୟାନୁଷ୍ଠାନ ଦାବି କରିଛନ୍ତି।

ମାଟ୍ରିକ୍ ସପ୍ଲିମେଣ୍ଟାରୀ...

ପରୀକ୍ଷାରେ ମୋଟ ଛାତ୍ରଛାତ୍ରୀ ଉତ୍ତୀର୍ଣ୍ଣ ହୋଇଛନ୍ତି। ପାସ ହାର ୫୪.୭୬% ରହିଛି। ଫଳାଫଳ ୱେବସାଇଟରେ ଉପଲବ୍ଧ ହେବ।

ଏୟାର ଇଣ୍ଡିଆକୁ ୯୦...

ଏୟାର ଇଣ୍ଡିଆ ଉପରେ ଜରିମାନା ଲାଗୁ କରାଯାଇଛି। ବିମାନ ଚଳାଚଳ ନିୟାମକ ସଂସ୍ଥା ଏହି ନିଷ୍ପତ୍ତି ନେଇଛି। ସୁରକ୍ଷା ନିୟମ ଉଲ୍ଲଂଘନ ଅଭିଯୋଗରେ କାର୍ଯ୍ୟାନୁଷ୍ଠାନ ହୋଇଛି।

08
